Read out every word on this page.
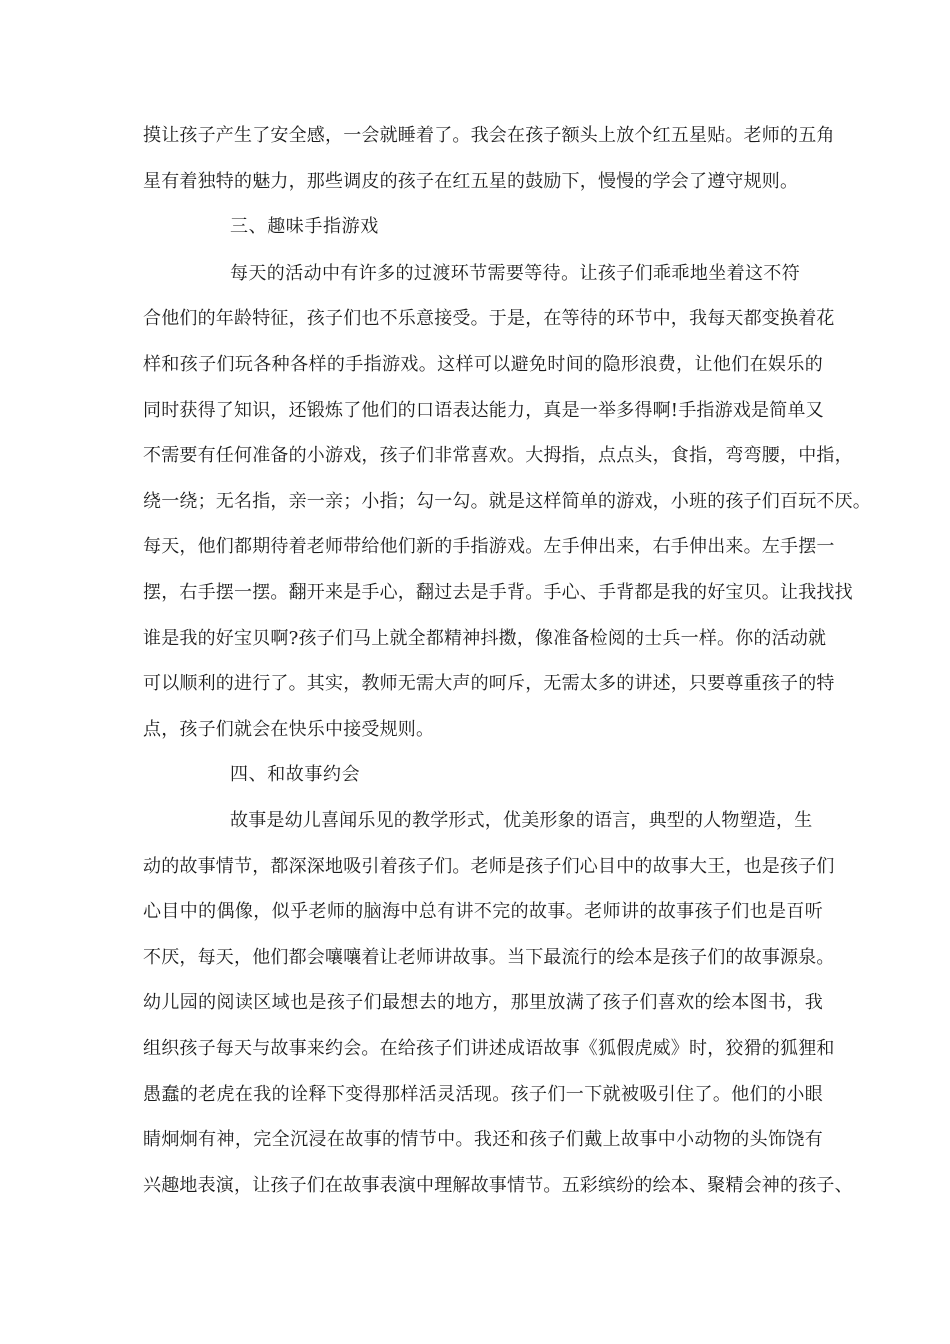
摸让孩子产生了安全感，一会就睡着了。我会在孩子额头上放个红五星贴。老师的五角
星有着独特的魅力，那些调皮的孩子在红五星的鼓励下，慢慢的学会了遵守规则。
三、趣味手指游戏
每天的活动中有许多的过渡环节需要等待。让孩子们乖乖地坐着这不符
合他们的年龄特征，孩子们也不乐意接受。于是，在等待的环节中，我每天都变换着花
样和孩子们玩各种各样的手指游戏。这样可以避免时间的隐形浪费，让他们在娱乐的
同时获得了知识，还锻炼了他们的口语表达能力，真是一举多得啊!手指游戏是简单又
不需要有任何准备的小游戏，孩子们非常喜欢。大拇指，点点头，食指，弯弯腰，中指，
绕一绕；无名指，亲一亲；小指；勾一勾。就是这样简单的游戏，小班的孩子们百玩不厌。
每天，他们都期待着老师带给他们新的手指游戏。左手伸出来，右手伸出来。左手摆一
摆，右手摆一摆。翻开来是手心，翻过去是手背。手心、手背都是我的好宝贝。让我找找
谁是我的好宝贝啊?孩子们马上就全都精神抖擞，像准备检阅的士兵一样。你的活动就
可以顺利的进行了。其实，教师无需大声的呵斥，无需太多的讲述，只要尊重孩子的特
点，孩子们就会在快乐中接受规则。
四、和故事约会
故事是幼儿喜闻乐见的教学形式，优美形象的语言，典型的人物塑造，生
动的故事情节，都深深地吸引着孩子们。老师是孩子们心目中的故事大王，也是孩子们
心目中的偶像，似乎老师的脑海中总有讲不完的故事。老师讲的故事孩子们也是百听
不厌，每天，他们都会嚷嚷着让老师讲故事。当下最流行的绘本是孩子们的故事源泉。
幼儿园的阅读区域也是孩子们最想去的地方，那里放满了孩子们喜欢的绘本图书，我
组织孩子每天与故事来约会。在给孩子们讲述成语故事《狐假虎威》时，狡猾的狐狸和
愚蠢的老虎在我的诠释下变得那样活灵活现。孩子们一下就被吸引住了。他们的小眼
睛炯炯有神，完全沉浸在故事的情节中。我还和孩子们戴上故事中小动物的头饰饶有
兴趣地表演，让孩子们在故事表演中理解故事情节。五彩缤纷的绘本、聚精会神的孩子、
